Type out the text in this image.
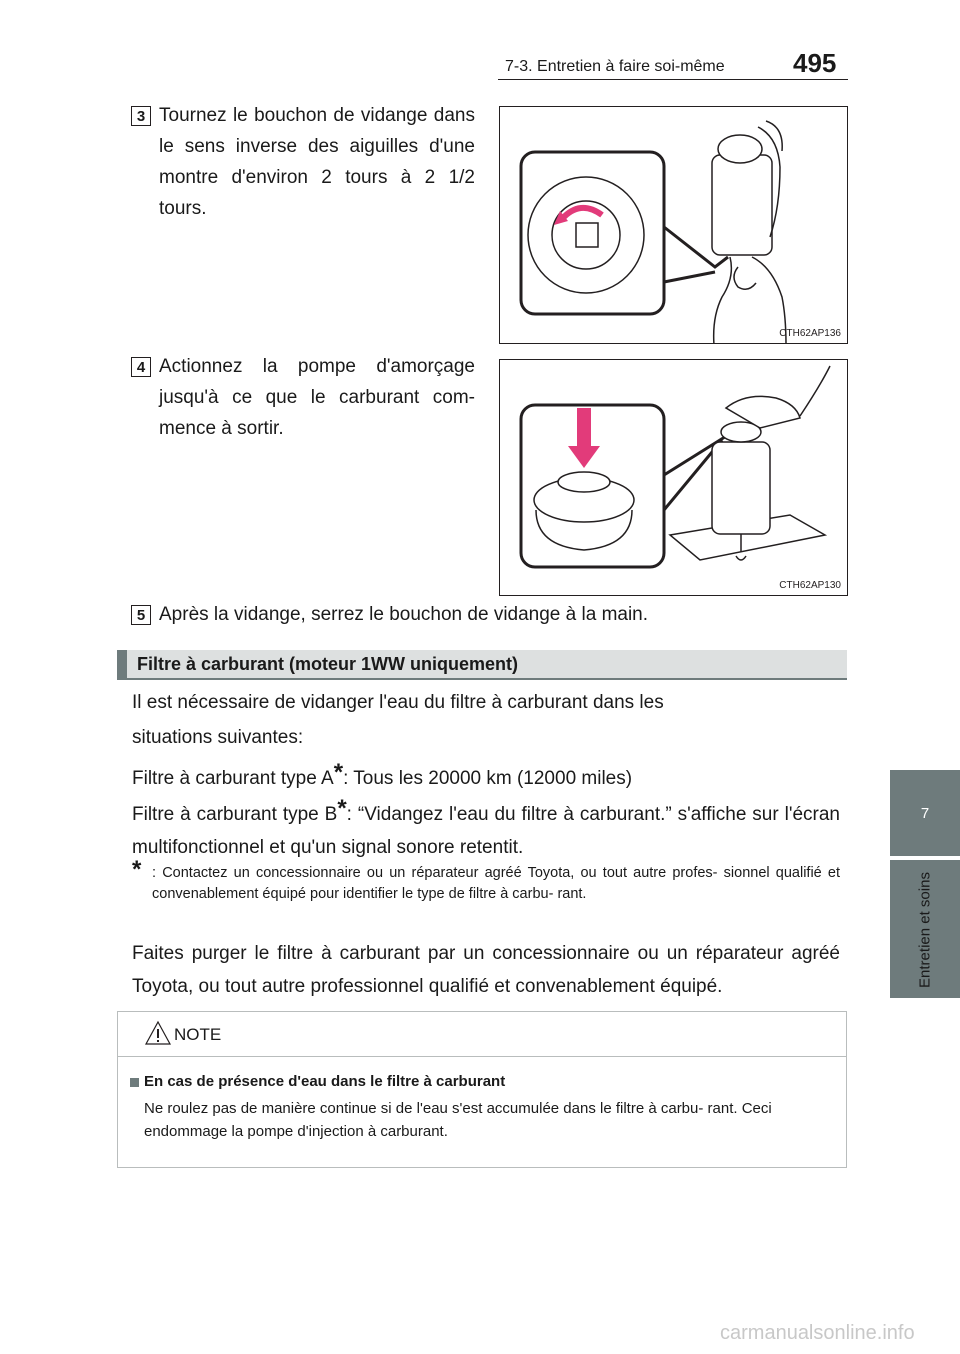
7-3. Entretien à faire soi-même	495
7
Entretien et soins
3 Tournez le bouchon de vidange dans le sens inverse des aiguilles d'une montre d'environ 2 tours à 2 1/2 tours.
CTH62AP136
4 Actionnez la pompe d'amorçage jusqu'à ce que le carburant com- mence à sortir.
CTH62AP130
5 Après la vidange, serrez le bouchon de vidange à la main.
Filtre à carburant (moteur 1WW uniquement)
Il est nécessaire de vidanger l'eau du filtre à carburant dans les
situations suivantes:
Filtre à carburant type A*: Tous les 20000 km (12000 miles)
Filtre à carburant type B*: “Vidangez l'eau du filtre à carburant.” s'affiche sur l'écran multifonctionnel et qu'un signal sonore retentit.
* : Contactez un concessionnaire ou un réparateur agréé Toyota, ou tout autre profes- sionnel qualifié et convenablement équipé pour identifier le type de filtre à carbu- rant.
Faites purger le filtre à carburant par un concessionnaire ou un réparateur agréé Toyota, ou tout autre professionnel qualifié et convenablement équipé.
NOTE
En cas de présence d'eau dans le filtre à carburant
Ne roulez pas de manière continue si de l'eau s'est accumulée dans le filtre à carbu- rant. Ceci endommage la pompe d'injection à carburant.
carmanualsonline.info
